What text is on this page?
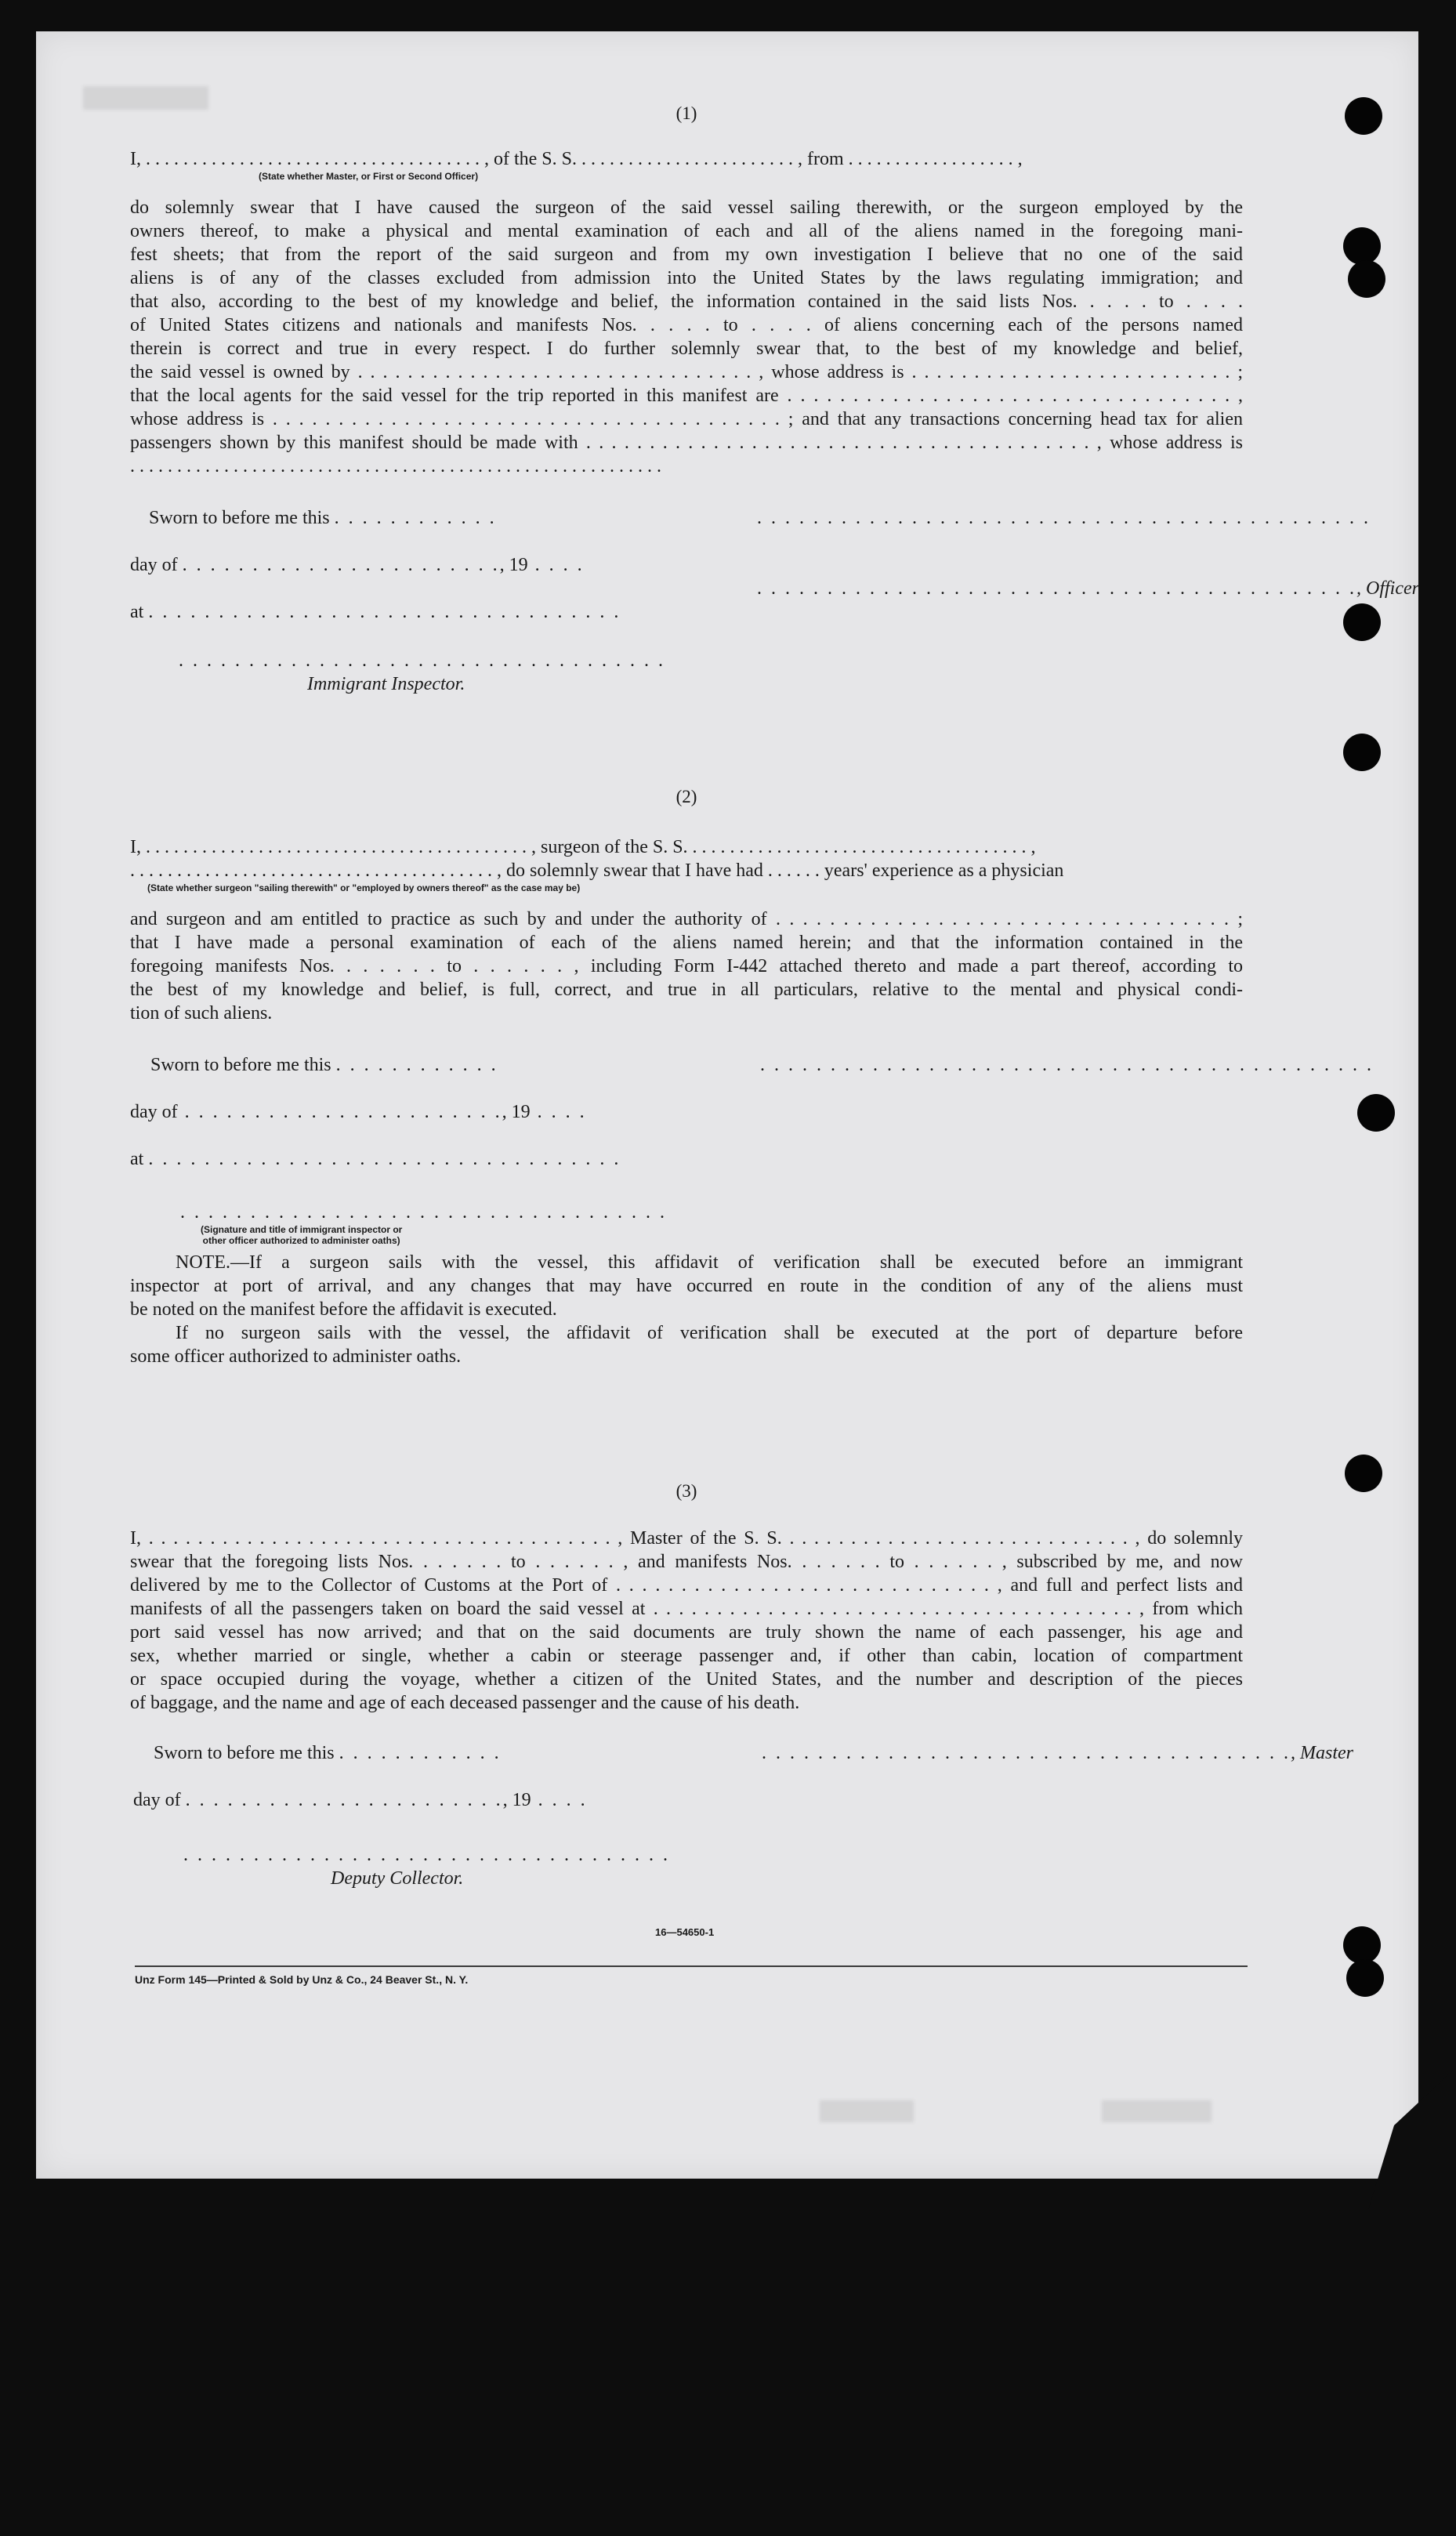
(1)

I, . . . . . . . . . . . . . . . . . . . . . . . . . . . . . . . . . . . . , of the S. S. . . . . . . . . . . . . . . . . . . . . . . . , from . . . . . . . . . . . . . . . . . . ,

(State whether Master, or First or Second Officer)

do solemnly swear that I have caused the surgeon of the said vessel sailing therewith, or the surgeon employed by the
owners thereof, to make a physical and mental examination of each and all of the aliens named in the foregoing mani-
fest sheets; that from the report of the said surgeon and from my own investigation I believe that no one of the said
aliens is of any of the classes excluded from admission into the United States by the laws regulating immigration; and
that also, according to the best of my knowledge and belief, the information contained in the said lists Nos. . . . . to . . . .
of United States citizens and nationals and manifests Nos. . . . . to . . . . of aliens concerning each of the persons named
therein is correct and true in every respect. I do further solemnly swear that, to the best of my knowledge and belief,
the said vessel is owned by . . . . . . . . . . . . . . . . . . . . . . . . . . . . . . . . , whose address is . . . . . . . . . . . . . . . . . . . . . . . . . . ;
that the local agents for the said vessel for the trip reported in this manifest are . . . . . . . . . . . . . . . . . . . . . . . . . . . . . . . . . . ,
whose address is . . . . . . . . . . . . . . . . . . . . . . . . . . . . . . . . . . . . . . . ; and that any transactions concerning head tax for alien
passengers shown by this manifest should be made with . . . . . . . . . . . . . . . . . . . . . . . . . . . . . . . . . . . . . . . . , whose address is
. . . . . . . . . . . . . . . . . . . . . . . . . . . . . . . . . . . . . . . . . . . . . . . . . . . . . . . . .

Sworn to before me this . . . . . . . . . . . .	. . . . . . . . . . . . . . . . . . . . . . . . . . . . . . . . . . . . . . . . . . . .
day of . . . . . . . . . . . . . . . . . . . . . . ., 19 . . . .
. . . . . . . . . . . . . . . . . . . . . . . . . . . . . . . . . . . . . . . . . . ., Officer
at . . . . . . . . . . . . . . . . . . . . . . . . . . . . . . . . . .
. . . . . . . . . . . . . . . . . . . . . . . . . . . . . . . . . . .
Immigrant Inspector.
(2)

I, . . . . . . . . . . . . . . . . . . . . . . . . . . . . . . . . . . . . . . . . . , surgeon of the S. S. . . . . . . . . . . . . . . . . . . . . . . . . . . . . . . . . . . . . ,
. . . . . . . . . . . . . . . . . . . . . . . . . . . . . . . . . . . . . . . , do solemnly swear that I have had . . . . . . years' experience as a physician

(State whether surgeon "sailing therewith" or "employed by owners thereof" as the case may be)

and surgeon and am entitled to practice as such by and under the authority of . . . . . . . . . . . . . . . . . . . . . . . . . . . . . . . . . . ;
that I have made a personal examination of each of the aliens named herein; and that the information contained in the
foregoing manifests Nos. . . . . . . to . . . . . . , including Form I-442 attached thereto and made a part thereof, according to
the best of my knowledge and belief, is full, correct, and true in all particulars, relative to the mental and physical condi-
tion of such aliens.

Sworn to before me this . . . . . . . . . . . .	. . . . . . . . . . . . . . . . . . . . . . . . . . . . . . . . . . . . . . . . . . . .
day of . . . . . . . . . . . . . . . . . . . . . . ., 19 . . . .
at . . . . . . . . . . . . . . . . . . . . . . . . . . . . . . . . . .
. . . . . . . . . . . . . . . . . . . . . . . . . . . . . . . . . . .
(Signature and title of immigrant inspector or
other officer authorized to administer oaths)
NOTE.—If a surgeon sails with the vessel, this affidavit of verification shall be executed before an immigrant
inspector at port of arrival, and any changes that may have occurred en route in the condition of any of the aliens must
be noted on the manifest before the affidavit is executed.
If no surgeon sails with the vessel, the affidavit of verification shall be executed at the port of departure before
some officer authorized to administer oaths.
(3)

I, . . . . . . . . . . . . . . . . . . . . . . . . . . . . . . . . . . . . . . , Master of the S. S. . . . . . . . . . . . . . . . . . . . . . . . . . . . . , do solemnly
swear that the foregoing lists Nos. . . . . . . to . . . . . . , and manifests Nos. . . . . . . to . . . . . . , subscribed by me, and now
delivered by me to the Collector of Customs at the Port of . . . . . . . . . . . . . . . . . . . . . . . . . . . . . , and full and perfect lists and
manifests of all the passengers taken on board the said vessel at . . . . . . . . . . . . . . . . . . . . . . . . . . . . . . . . . . . . . . , from which
port said vessel has now arrived; and that on the said documents are truly shown the name of each passenger, his age and
sex, whether married or single, whether a cabin or steerage passenger and, if other than cabin, location of compartment
or space occupied during the voyage, whether a citizen of the United States, and the number and description of the pieces
of baggage, and the name and age of each deceased passenger and the cause of his death.

Sworn to before me this . . . . . . . . . . . .	. . . . . . . . . . . . . . . . . . . . . . . . . . . . . . . . . . . . . ., Master
day of . . . . . . . . . . . . . . . . . . . . . . ., 19 . . . .
. . . . . . . . . . . . . . . . . . . . . . . . . . . . . . . . . . .
Deputy Collector.
16—54650-1
Unz Form 145—Printed & Sold by Unz & Co., 24 Beaver St., N. Y.
